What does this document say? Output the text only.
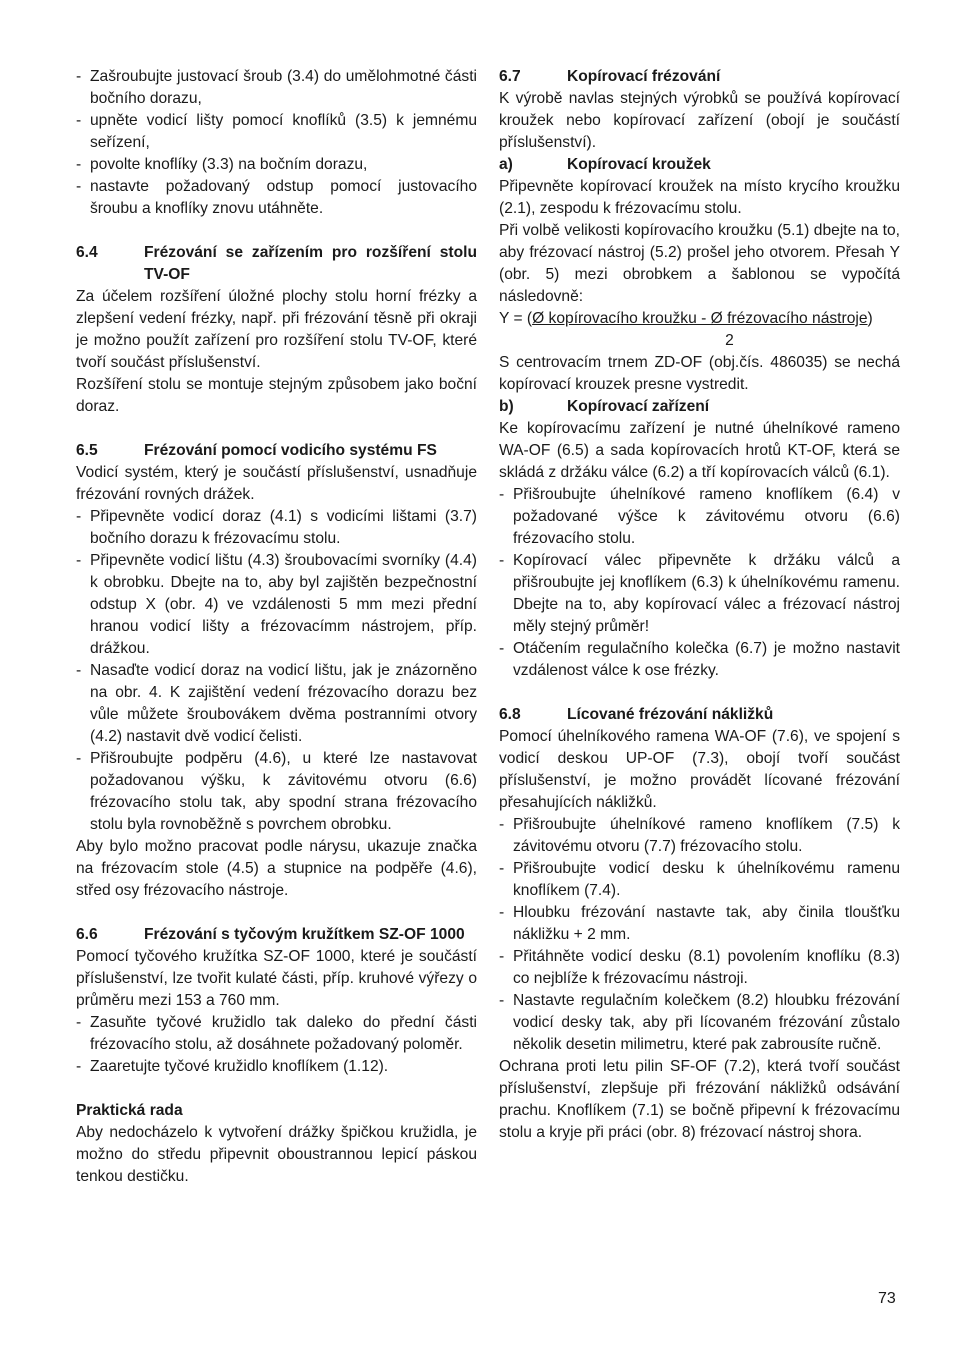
- Zašroubujte justovací šroub (3.4) do umělohmotné části bočního dorazu,
- upněte vodicí lišty pomocí knoflíků (3.5) k jemnému seřízení,
- povolte knoflíky (3.3) na bočním dorazu,
- nastavte požadovaný odstup pomocí justovacího šroubu a knoflíky znovu utáhněte.
6.4	Frézování se zařízením pro rozšíření stolu TV-OF

Za účelem rozšíření úložné plochy stolu horní frézky a zlepšení vedení frézky, např. při frézování těsně při okraji je možno použít zařízení pro rozšíření stolu TV-OF, které tvoří součást příslušenství.

Rozšíření stolu se montuje stejným způsobem jako boční doraz.

6.5	Frézování pomocí vodicího systému FS

Vodicí systém, který je součástí příslušenství, usnadňuje frézování rovných drážek.

- Připevněte vodicí doraz (4.1) s vodicími lištami (3.7) bočního dorazu k frézovacímu stolu.
- Připevněte vodicí lištu (4.3) šroubovacími svorníky (4.4) k obrobku. Dbejte na to, aby byl zajištěn bezpečnostní odstup X (obr. 4) ve vzdálenosti 5 mm mezi přední hranou vodicí lišty a frézovacímm nástrojem, příp. drážkou.
- Nasaďte vodicí doraz na vodicí lištu, jak je znázorněno na obr. 4. K zajištění vedení frézovacího dorazu bez vůle můžete šroubovákem dvěma postranními otvory (4.2) nastavit dvě vodicí čelisti.
- Přišroubujte podpěru (4.6), u které lze nastavovat požadovanou výšku, k závitovému otvoru (6.6) frézovacího stolu tak, aby spodní strana frézovacího stolu byla rovnoběžně s povrchem obrobku.

Aby bylo možno pracovat podle nárysu, ukazuje značka na frézovacím stole (4.5) a stupnice na podpěře (4.6), střed osy frézovacího nástroje.

6.6	Frézování s tyčovým kružítkem SZ-OF 1000

Pomocí tyčového kružítka SZ-OF 1000, které je součástí příslušenství, lze tvořit kulaté části, příp. kruhové výřezy o průměru mezi 153 a 760 mm.

- Zasuňte tyčové kružidlo tak daleko do přední části frézovacího stolu, až dosáhnete požadovaný poloměr.
- Zaaretujte tyčové kružidlo knoflíkem (1.12).

Praktická rada

Aby nedocházelo k vytvoření drážky špičkou kružidla, je možno do středu připevnit oboustrannou lepicí páskou tenkou destičku.

6.7	Kopírovací frézování

K výrobě navlas stejných výrobků se používá kopírovací kroužek nebo kopírovací zařízení (obojí je součástí příslušenství).

a)	Kopírovací kroužek

Připevněte kopírovací kroužek na místo krycího kroužku (2.1), zespodu k frézovacímu stolu.

Při volbě velikosti kopírovacího kroužku (5.1) dbejte na to, aby frézovací nástroj (5.2) prošel jeho otvorem. Přesah Y (obr. 5) mezi obrobkem a šablonou se vypočítá následovně:

Y = (Ø kopírovacího kroužku - Ø frézovacího nástroje)

2

S centrovacím trnem ZD-OF (obj.čís. 486035) se nechá kopírovací krouzek presne vystredit.

b)	Kopírovací zařízení

Ke kopírovacímu zařízení je nutné úhelníkové rameno WA-OF (6.5) a sada kopírovacích hrotů KT-OF, která se skládá z držáku válce (6.2) a tří kopírovacích válců (6.1).

- Přišroubujte úhelníkové rameno knoflíkem (6.4) v požadované výšce k závitovému otvoru (6.6) frézovacího stolu.
- Kopírovací válec připevněte k držáku válců a přišroubujte jej knoflíkem (6.3) k úhelníkovému ramenu. Dbejte na to, aby kopírovací válec a frézovací nástroj měly stejný průměr!
- Otáčením regulačního kolečka (6.7) je možno nastavit vzdálenost válce k ose frézky.
6.8	Lícované frézování nákližků

Pomocí úhelníkového ramena WA-OF (7.6), ve spojení s vodicí deskou UP-OF (7.3), obojí tvoří součást příslušenství, je možno provádět lícované frézování přesahujících nákližků.

- Přišroubujte úhelníkové rameno knoflíkem (7.5) k závitovému otvoru (7.7) frézovacího stolu.
- Přišroubujte vodicí desku k úhelníkovému ramenu knoflíkem (7.4).
- Hloubku frézování nastavte tak, aby činila tloušťku nákližku + 2 mm.
- Přitáhněte vodicí desku (8.1) povolením knoflíku (8.3) co nejblíže k frézovacímu nástroji.
- Nastavte regulačním kolečkem (8.2) hloubku frézování vodicí desky tak, aby při lícovaném frézování zůstalo několik desetin milimetru, které pak zabrousíte ručně.

Ochrana proti letu pilin SF-OF (7.2), která tvoří součást příslušenství, zlepšuje při frézování nákližků odsávání prachu. Knoflíkem (7.1) se bočně připevní k frézovacímu stolu a kryje při práci (obr. 8) frézovací nástroj shora.

73
